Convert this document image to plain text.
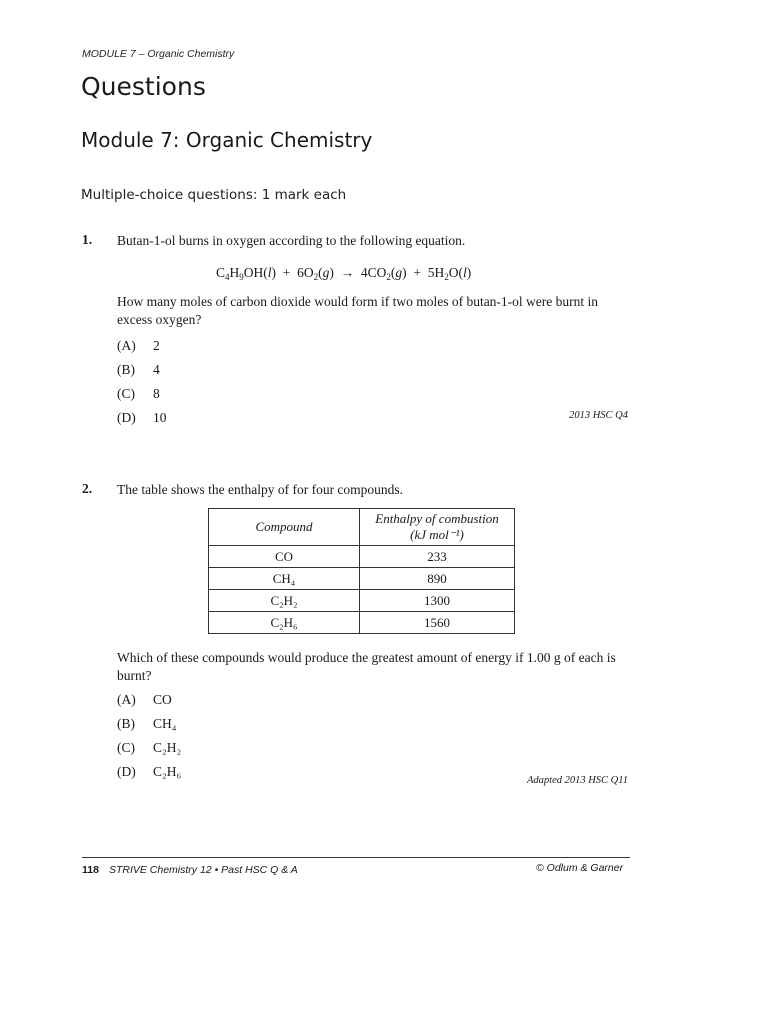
MODULE 7 – Organic Chemistry
Questions
Module 7: Organic Chemistry
Multiple-choice questions: 1 mark each
1. Butan-1-ol burns in oxygen according to the following equation.
$C_4H_9OH(l) + 6O_2(g) \to 4CO_2(g) + 5H_2O(l)$
How many moles of carbon dioxide would form if two moles of butan-1-ol were burnt in excess oxygen?
(A) 2
(B) 4
(C) 8
(D) 10	2013 HSC Q4
2. The table shows the enthalpy of for four compounds.
Compound	Enthalpy of combustion
(kJ mol⁻¹)
CO	233
CH₄	890
C₂H₂	1300
C₂H₆	1560
Which of these compounds would produce the greatest amount of energy if 1.00 g of each is burnt?
(A) CO
(B) CH₄
(C) C₂H₂
(D) C₂H₆
Adapted 2013 HSC Q11
118 STRIVE Chemistry 12 • Past HSC Q & A	© Odlum & Garner
